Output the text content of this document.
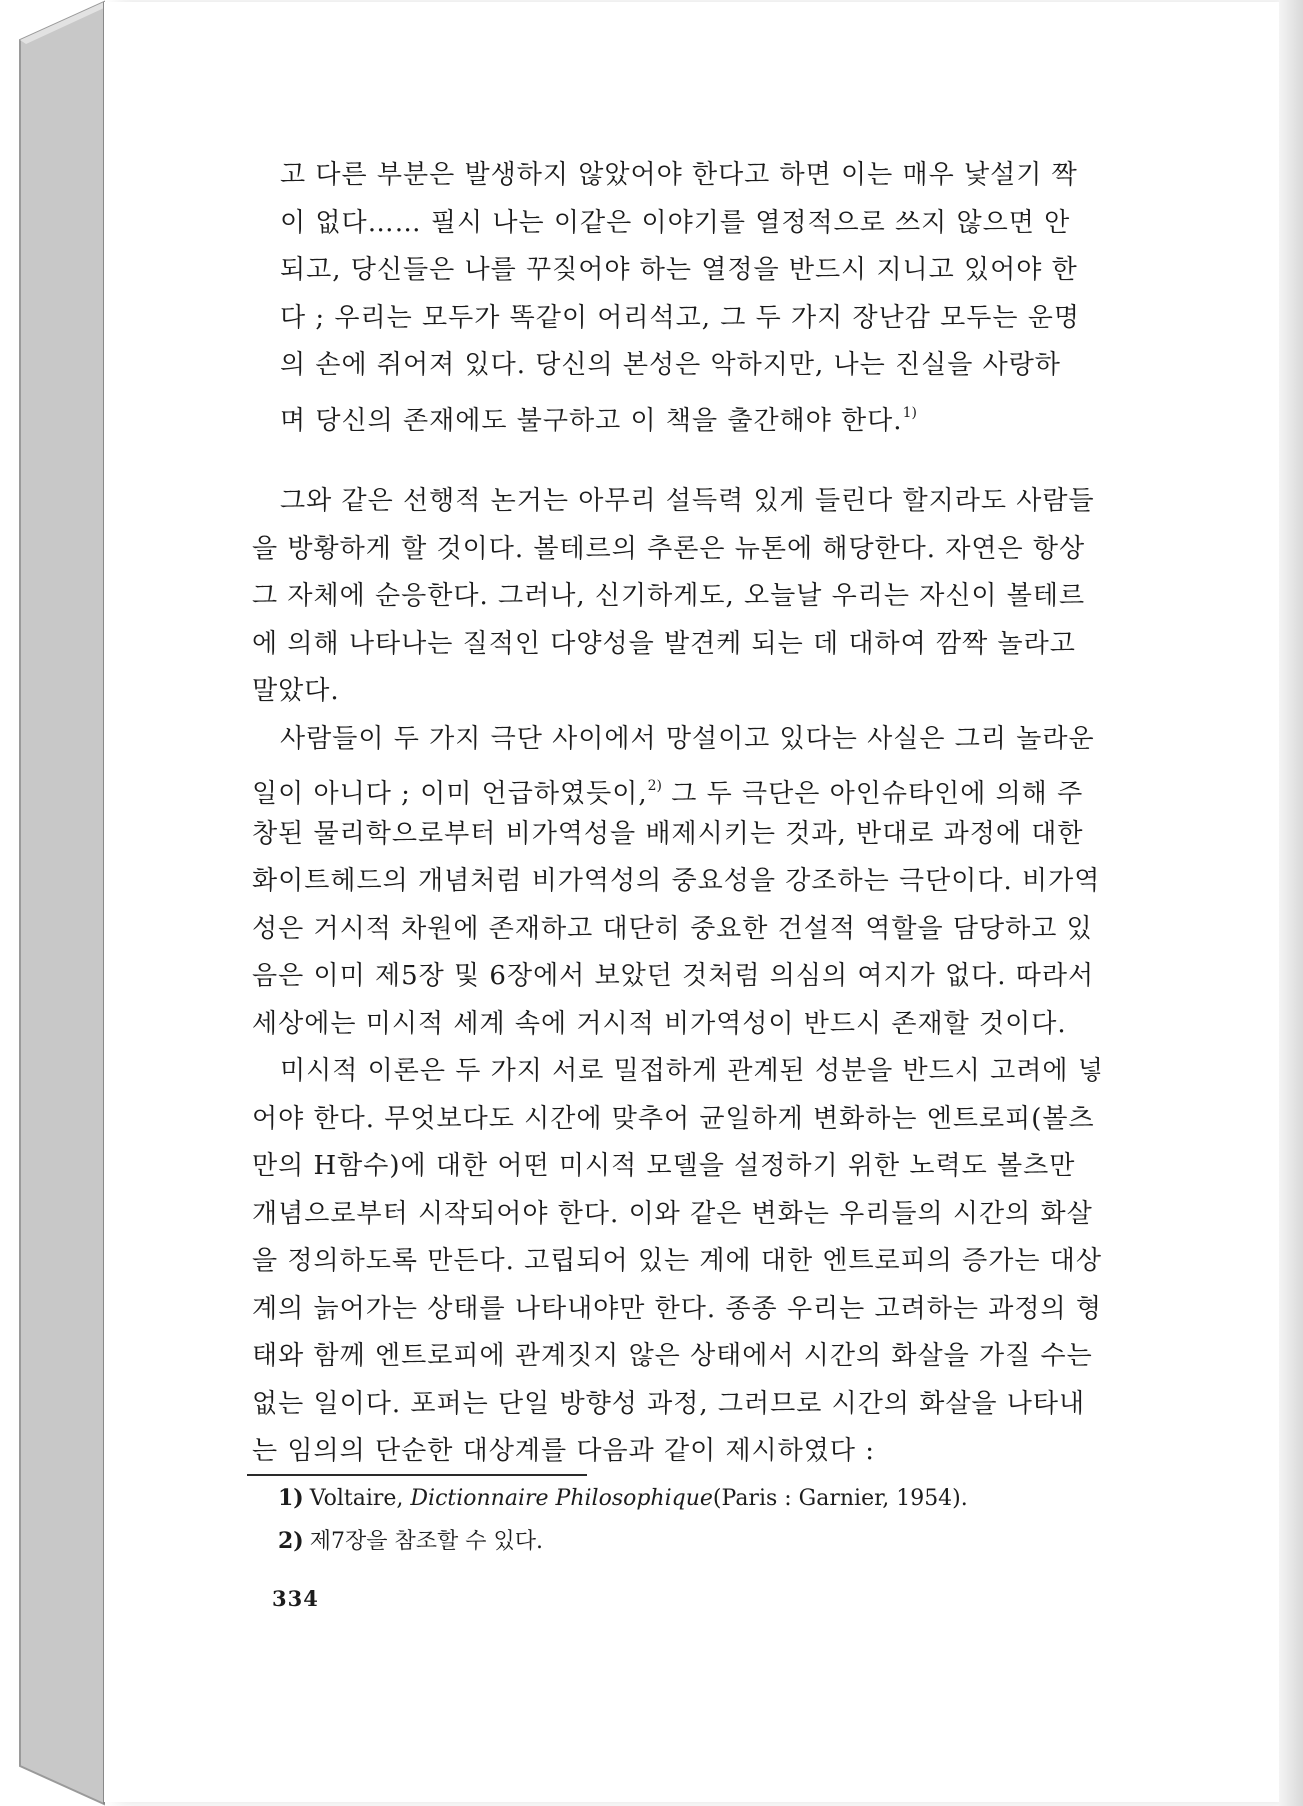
고 다른 부분은 발생하지 않았어야 한다고 하면 이는 매우 낯설기 짝
이 없다…… 필시 나는 이같은 이야기를 열정적으로 쓰지 않으면 안
되고, 당신들은 나를 꾸짖어야 하는 열정을 반드시 지니고 있어야 한
다 ; 우리는 모두가 똑같이 어리석고, 그 두 가지 장난감 모두는 운명
의 손에 쥐어져 있다. 당신의 본성은 악하지만, 나는 진실을 사랑하
며 당신의 존재에도 불구하고 이 책을 출간해야 한다.$^{1)}$
그와 같은 선행적 논거는 아무리 설득력 있게 들린다 할지라도 사람들
을 방황하게 할 것이다. 볼테르의 추론은 뉴톤에 해당한다. 자연은 항상
그 자체에 순응한다. 그러나, 신기하게도, 오늘날 우리는 자신이 볼테르
에 의해 나타나는 질적인 다양성을 발견케 되는 데 대하여 깜짝 놀라고
말았다.
사람들이 두 가지 극단 사이에서 망설이고 있다는 사실은 그리 놀라운
일이 아니다 ; 이미 언급하였듯이,$^{2)}$ 그 두 극단은 아인슈타인에 의해 주
창된 물리학으로부터 비가역성을 배제시키는 것과, 반대로 과정에 대한
화이트헤드의 개념처럼 비가역성의 중요성을 강조하는 극단이다. 비가역
성은 거시적 차원에 존재하고 대단히 중요한 건설적 역할을 담당하고 있
음은 이미 제5장 및 6장에서 보았던 것처럼 의심의 여지가 없다. 따라서
세상에는 미시적 세계 속에 거시적 비가역성이 반드시 존재할 것이다.
미시적 이론은 두 가지 서로 밀접하게 관계된 성분을 반드시 고려에 넣
어야 한다. 무엇보다도 시간에 맞추어 균일하게 변화하는 엔트로피(볼츠
만의 H함수)에 대한 어떤 미시적 모델을 설정하기 위한 노력도 볼츠만
개념으로부터 시작되어야 한다. 이와 같은 변화는 우리들의 시간의 화살
을 정의하도록 만든다. 고립되어 있는 계에 대한 엔트로피의 증가는 대상
계의 늙어가는 상태를 나타내야만 한다. 종종 우리는 고려하는 과정의 형
태와 함께 엔트로피에 관계짓지 않은 상태에서 시간의 화살을 가질 수는
없는 일이다. 포퍼는 단일 방향성 과정, 그러므로 시간의 화살을 나타내
는 임의의 단순한 대상계를 다음과 같이 제시하였다 :
1) Voltaire, Dictionnaire Philosophique(Paris : Garnier, 1954).
2) 제7장을 참조할 수 있다.
334
